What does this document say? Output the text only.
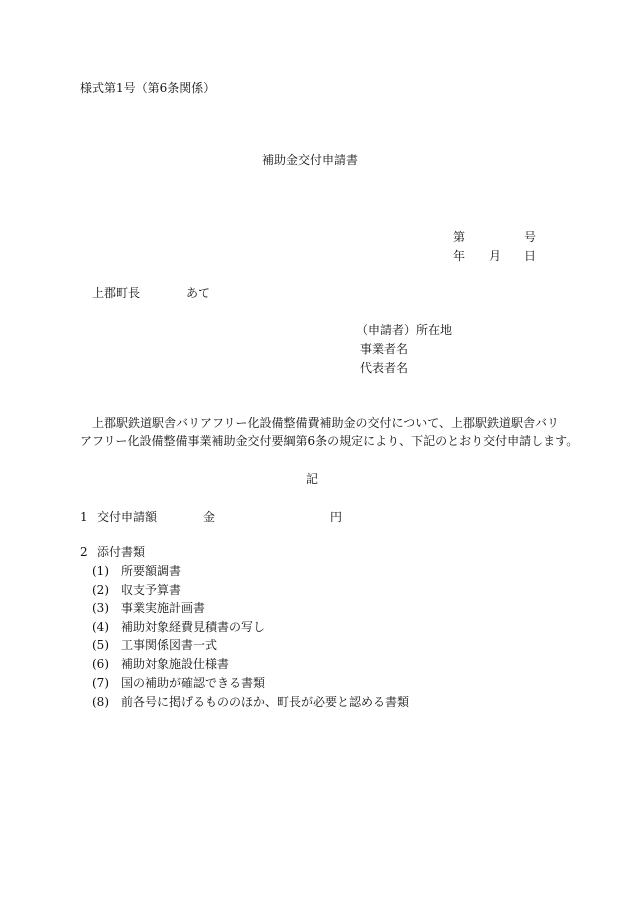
様式第1号（第6条関係）
補助金交付申請書
第	号
年 月 日
上郡町長	あて
（申請者）所在地
事業者名
代表者名
上郡駅鉄道駅舎バリアフリー化設備整備費補助金の交付について、上郡駅鉄道駅舎バリ
アフリー化設備整備事業補助金交付要綱第6条の規定により、下記のとおり交付申請します。
記
1 交付申請額	金	円
2 添付書類
(1) 所要額調書
(2) 収支予算書
(3) 事業実施計画書
(4) 補助対象経費見積書の写し
(5) 工事関係図書一式
(6) 補助対象施設仕様書
(7) 国の補助が確認できる書類
(8) 前各号に掲げるもののほか、町長が必要と認める書類
